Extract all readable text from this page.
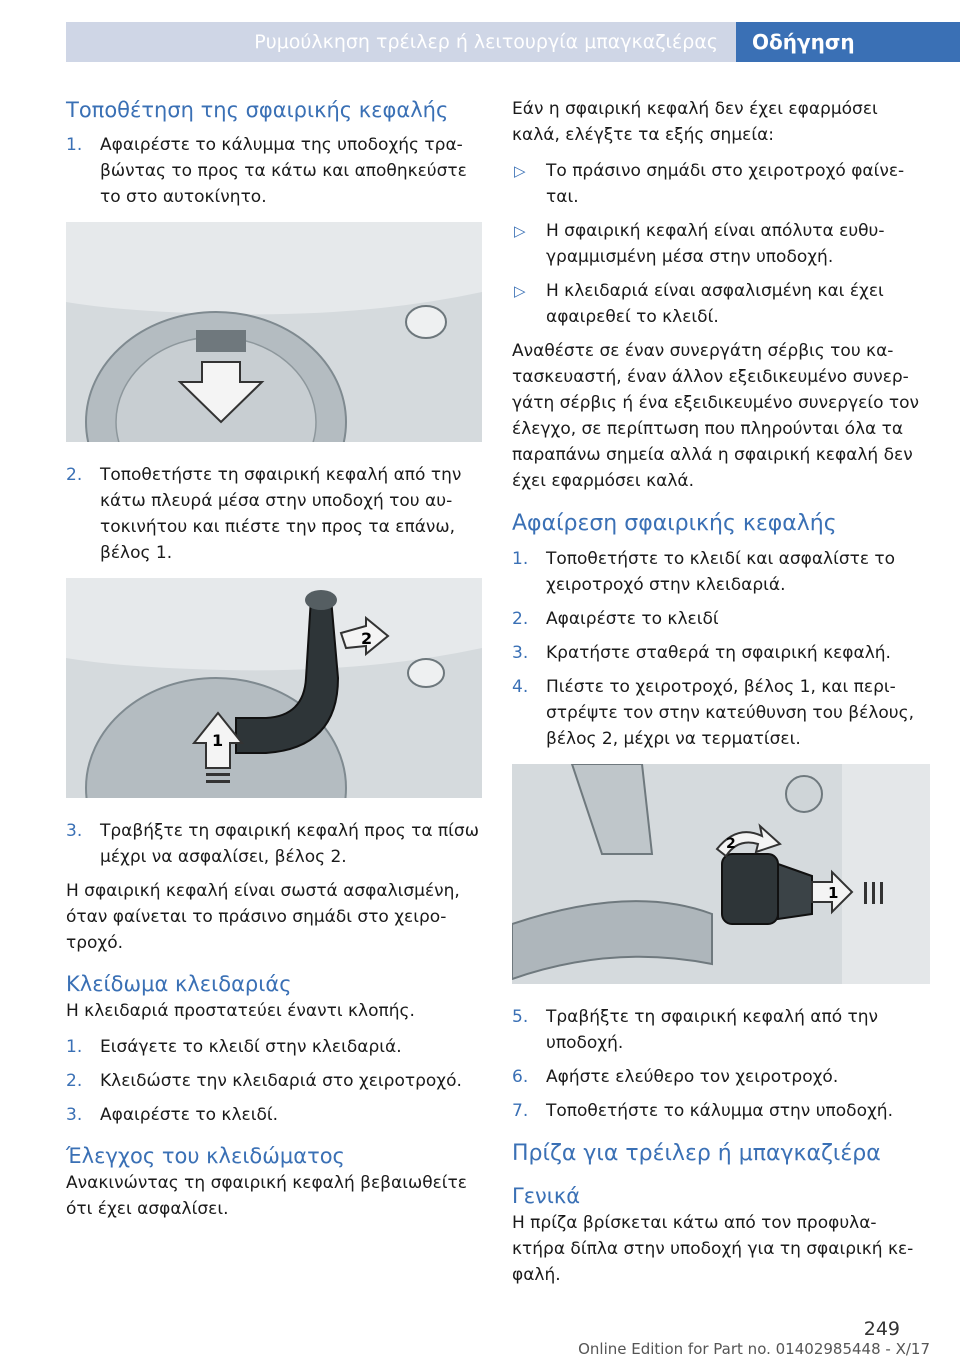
Ρυμούλκηση τρέιλερ ή λειτουργία μπαγκαζιέρας Οδήγηση
Τοποθέτηση της σφαιρικής κεφαλής
1. Αφαιρέστε το κάλυμμα της υποδοχής τρα- βώντας το προς τα κάτω και αποθηκεύστε το στο αυτοκίνητο.
2. Τοποθετήστε τη σφαιρική κεφαλή από την κάτω πλευρά μέσα στην υποδοχή του αυ- τοκινήτου και πιέστε την προς τα επάνω, βέλος 1.
2
1
3. Τραβήξτε τη σφαιρική κεφαλή προς τα πίσω μέχρι να ασφαλίσει, βέλος 2.

Η σφαιρική κεφαλή είναι σωστά ασφαλισμένη, όταν φαίνεται το πράσινο σημάδι στο χειρο- τροχό.

Κλείδωμα κλειδαριάς

Η κλειδαριά προστατεύει έναντι κλοπής.

1. Εισάγετε το κλειδί στην κλειδαριά.
2. Κλειδώστε την κλειδαριά στο χειροτροχό.
3. Αφαιρέστε το κλειδί.
Έλεγχος του κλειδώματος

Ανακινώντας τη σφαιρική κεφαλή βεβαιωθείτε ότι έχει ασφαλίσει.

Εάν η σφαιρική κεφαλή δεν έχει εφαρμόσει καλά, ελέγξτε τα εξής σημεία:

▷ Το πράσινο σημάδι στο χειροτροχό φαίνε- ται.
▷ Η σφαιρική κεφαλή είναι απόλυτα ευθυ- γραμμισμένη μέσα στην υποδοχή.
▷ Η κλειδαριά είναι ασφαλισμένη και έχει αφαιρεθεί το κλειδί.

Αναθέστε σε έναν συνεργάτη σέρβις του κα- τασκευαστή, έναν άλλον εξειδικευμένο συνερ- γάτη σέρβις ή ένα εξειδικευμένο συνεργείο τον έλεγχο, σε περίπτωση που πληρούνται όλα τα παραπάνω σημεία αλλά η σφαιρική κεφαλή δεν έχει εφαρμόσει καλά.

Αφαίρεση σφαιρικής κεφαλής
1. Τοποθετήστε το κλειδί και ασφαλίστε το χειροτροχό στην κλειδαριά.
2. Αφαιρέστε το κλειδί
3. Κρατήστε σταθερά τη σφαιρική κεφαλή.
4. Πιέστε το χειροτροχό, βέλος 1, και περι- στρέψτε τον στην κατεύθυνση του βέλους, βέλος 2, μέχρι να τερματίσει.
1
2
5. Τραβήξτε τη σφαιρική κεφαλή από την υποδοχή.
6. Αφήστε ελεύθερο τον χειροτροχό.
7. Τοποθετήστε το κάλυμμα στην υποδοχή.
Πρίζα για τρέιλερ ή μπαγκαζιέρα
Γενικά

Η πρίζα βρίσκεται κάτω από τον προφυλα- κτήρα δίπλα στην υποδοχή για τη σφαιρική κε- φαλή.

249
Online Edition for Part no. 01402985448 - X/17
